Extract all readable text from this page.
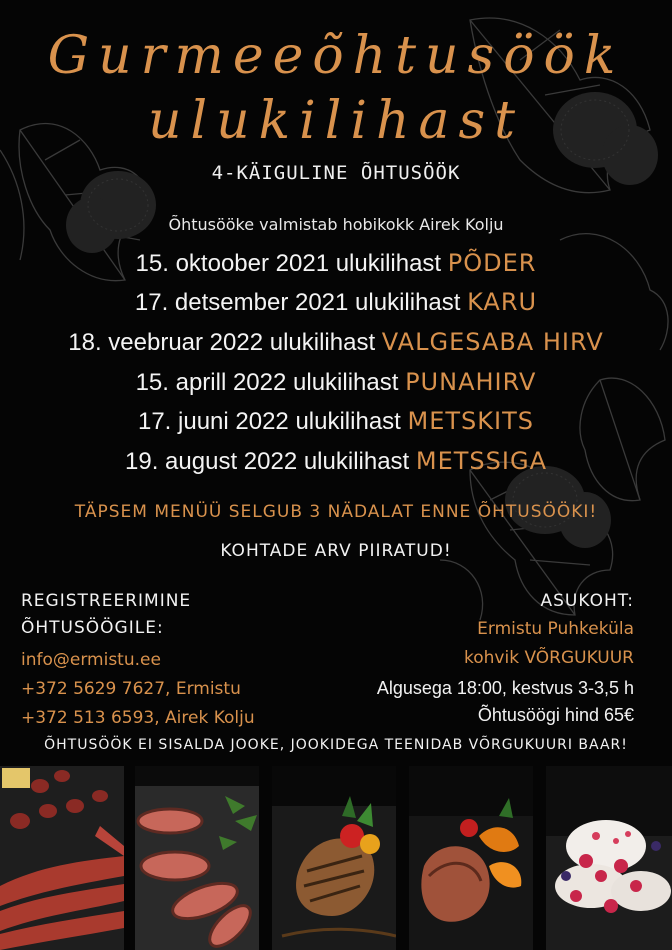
Gurmeeõhtusöök
ulukilihast
4-KÄIGULINE ÕHTUSÖÖK
Õhtusööke valmistab hobikokk Airek Kolju
15. oktoober 2021 ulukilihast PÕDER
17. detsember 2021 ulukilihast KARU
18. veebruar 2022 ulukilihast VALGESABA HIRV
15. aprill 2022 ulukilihast PUNAHIRV
17. juuni 2022 ulukilihast METSKITS
19. august 2022 ulukilihast METSSIGA
TÄPSEM MENÜÜ SELGUB 3 NÄDALAT ENNE ÕHTUSÖÖKI!
KOHTADE ARV PIIRATUD!
REGISTREERIMINE
ÕHTUSÖÖGILE:
info@ermistu.ee
+372 5629 7627, Ermistu
+372 513 6593, Airek Kolju
ASUKOHT:
Ermistu Puhkeküla
kohvik VÕRGUKUUR
Algusega 18:00, kestvus 3-3,5 h
Õhtusöögi hind 65€
ÕHTUSÖÖK EI SISALDA JOOKE, JOOKIDEGA TEENIDAB VÕRGUKUURI BAAR!
